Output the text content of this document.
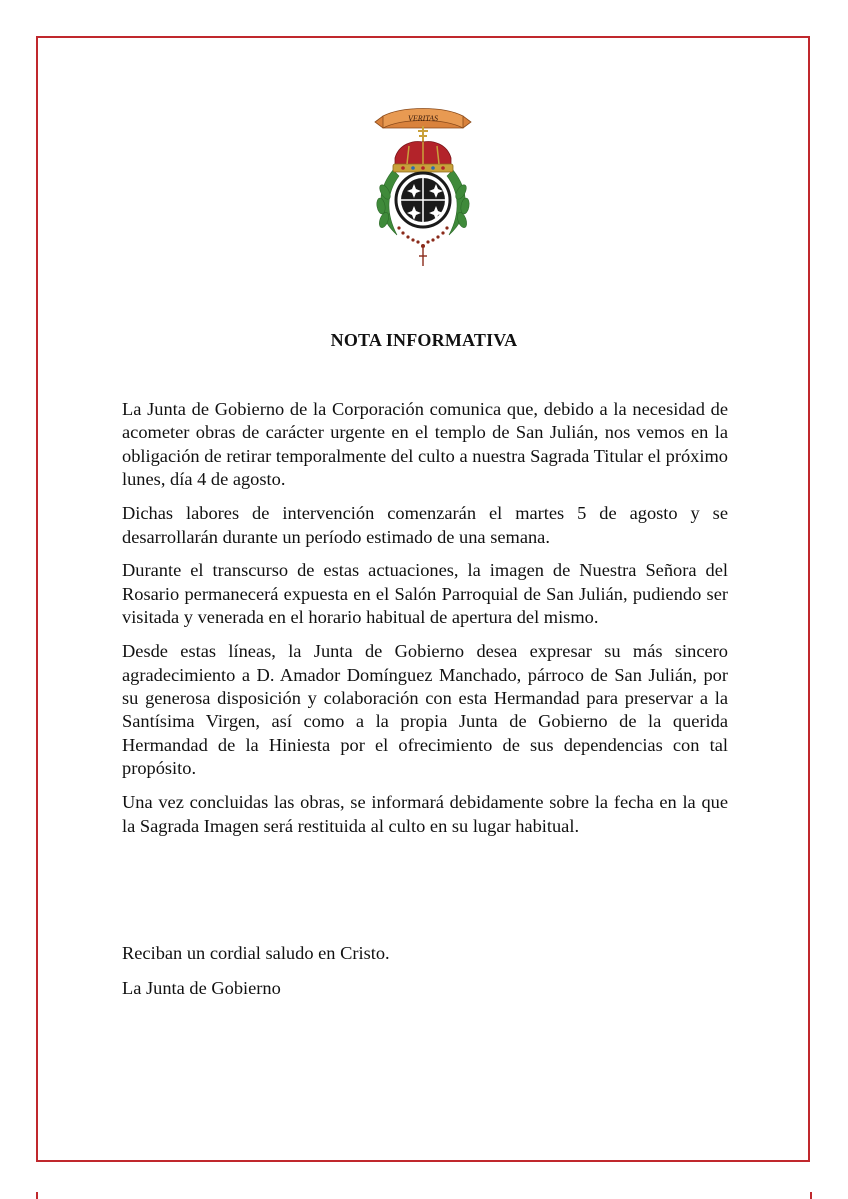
VERITAS
NOTA INFORMATIVA

La Junta de Gobierno de la Corporación comunica que, debido a la necesidad de acometer obras de carácter urgente en el templo de San Julián, nos vemos en la obligación de retirar temporalmente del culto a nuestra Sagrada Titular el próximo lunes, día 4 de agosto.

Dichas labores de intervención comenzarán el martes 5 de agosto y se desarrollarán durante un período estimado de una semana.

Durante el transcurso de estas actuaciones, la imagen de Nuestra Señora del Rosario permanecerá expuesta en el Salón Parroquial de San Julián, pudiendo ser visitada y venerada en el horario habitual de apertura del mismo.

Desde estas líneas, la Junta de Gobierno desea expresar su más sincero agradecimiento a D. Amador Domínguez Manchado, párroco de San Julián, por su generosa disposición y colaboración con esta Hermandad para preservar a la Santísima Virgen, así como a la propia Junta de Gobierno de la querida Hermandad de la Hiniesta por el ofrecimiento de sus dependencias con tal propósito.

Una vez concluidas las obras, se informará debidamente sobre la fecha en la que la Sagrada Imagen será restituida al culto en su lugar habitual.

Reciban un cordial saludo en Cristo.

La Junta de Gobierno
